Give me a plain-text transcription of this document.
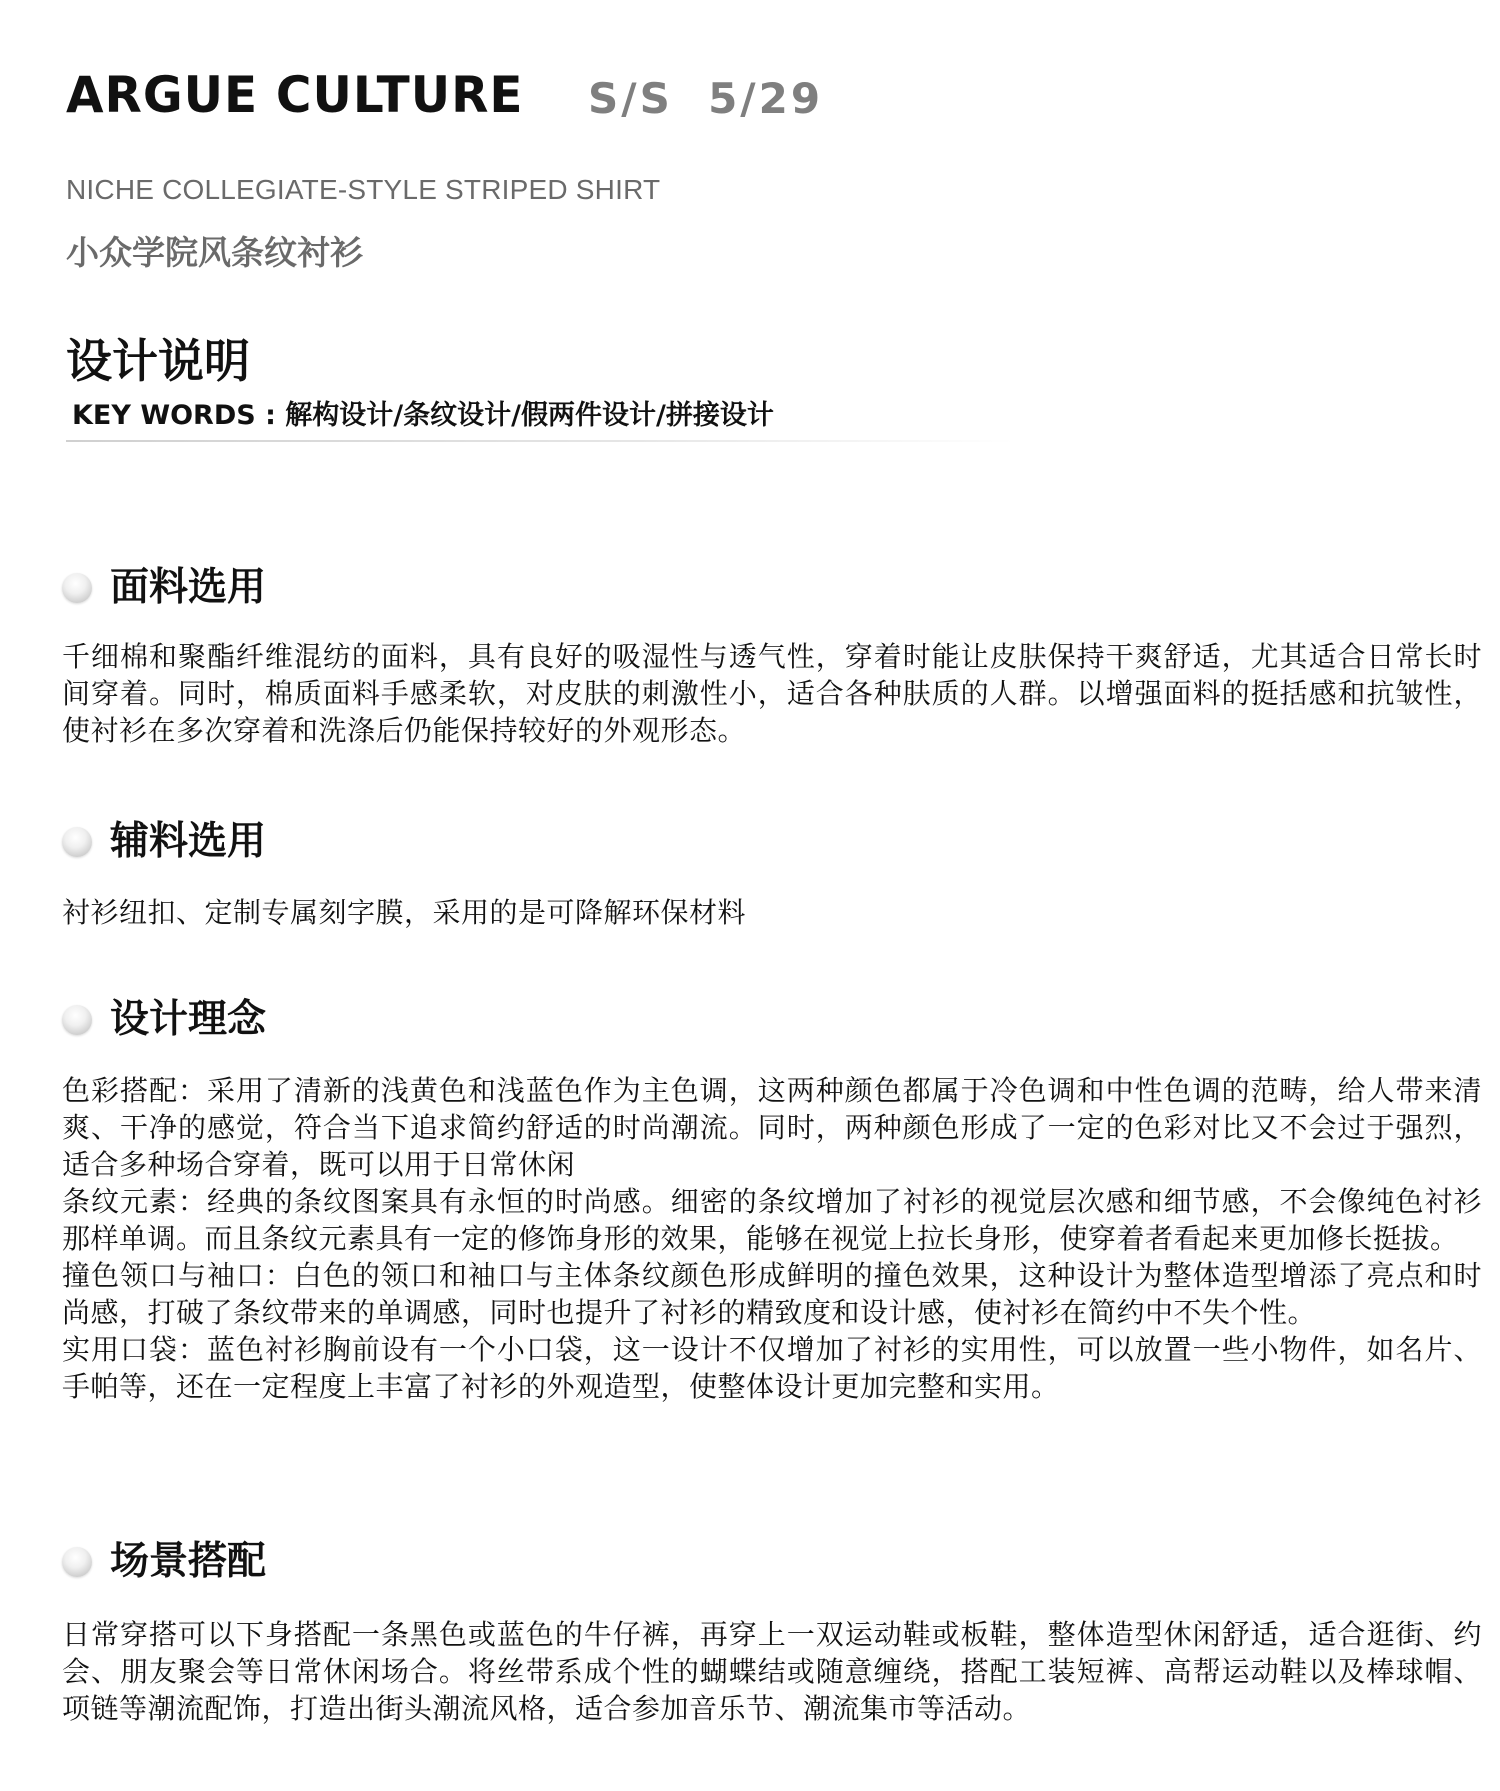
ARGUE CULTURE S/S  5/29
NICHE COLLEGIATE-STYLE STRIPED SHIRT
小众学院风条纹衬衫
设计说明
KEY WORDS : 解构设计/条纹设计/假两件设计/拼接设计
面料选用

千细棉和聚酯纤维混纺的面料，具有良好的吸湿性与透气性，穿着时能让皮肤保持干爽舒适，尤其适合日常长时间穿着。同时，棉质面料手感柔软，对皮肤的刺激性小，适合各种肤质的人群。以增强面料的挺括感和抗皱性，使衬衫在多次穿着和洗涤后仍能保持较好的外观形态。

辅料选用

衬衫纽扣、定制专属刻字膜，采用的是可降解环保材料

设计理念

色彩搭配：采用了清新的浅黄色和浅蓝色作为主色调，这两种颜色都属于冷色调和中性色调的范畴，给人带来清爽、干净的感觉，符合当下追求简约舒适的时尚潮流。同时，两种颜色形成了一定的色彩对比又不会过于强烈，适合多种场合穿着，既可以用于日常休闲

条纹元素：经典的条纹图案具有永恒的时尚感。细密的条纹增加了衬衫的视觉层次感和细节感，不会像纯色衬衫那样单调。而且条纹元素具有一定的修饰身形的效果，能够在视觉上拉长身形，使穿着者看起来更加修长挺拔。

撞色领口与袖口：白色的领口和袖口与主体条纹颜色形成鲜明的撞色效果，这种设计为整体造型增添了亮点和时尚感，打破了条纹带来的单调感，同时也提升了衬衫的精致度和设计感，使衬衫在简约中不失个性。

实用口袋：蓝色衬衫胸前设有一个小口袋，这一设计不仅增加了衬衫的实用性，可以放置一些小物件，如名片、手帕等，还在一定程度上丰富了衬衫的外观造型，使整体设计更加完整和实用。

场景搭配

日常穿搭可以下身搭配一条黑色或蓝色的牛仔裤，再穿上一双运动鞋或板鞋，整体造型休闲舒适，适合逛街、约会、朋友聚会等日常休闲场合。将丝带系成个性的蝴蝶结或随意缠绕，搭配工装短裤、高帮运动鞋以及棒球帽、项链等潮流配饰，打造出街头潮流风格，适合参加音乐节、潮流集市等活动。
